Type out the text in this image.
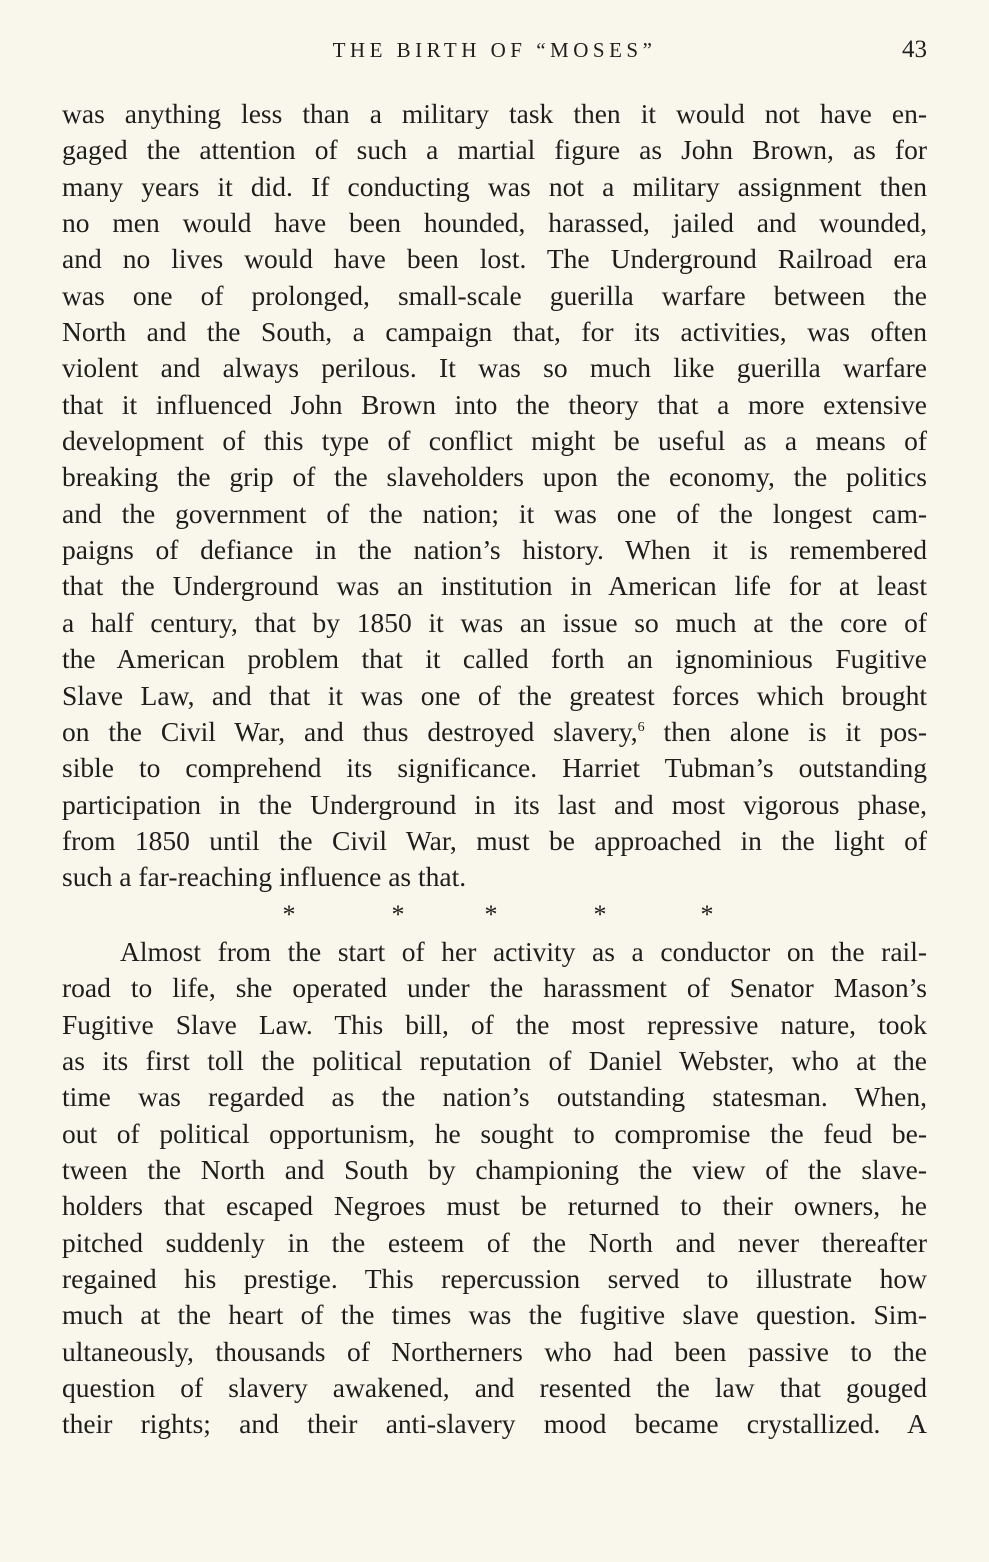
THE BIRTH OF “MOSES”	43
was anything less than a military task then it would not have en-
gaged the attention of such a martial figure as John Brown, as for
many years it did. If conducting was not a military assignment then
no men would have been hounded, harassed, jailed and wounded,
and no lives would have been lost. The Underground Railroad era
was one of prolonged, small-scale guerilla warfare between the
North and the South, a campaign that, for its activities, was often
violent and always perilous. It was so much like guerilla warfare
that it influenced John Brown into the theory that a more extensive
development of this type of conflict might be useful as a means of
breaking the grip of the slaveholders upon the economy, the politics
and the government of the nation; it was one of the longest cam-
paigns of defiance in the nation’s history. When it is remembered
that the Underground was an institution in American life for at least
a half century, that by 1850 it was an issue so much at the core of
the American problem that it called forth an ignominious Fugitive
Slave Law, and that it was one of the greatest forces which brought
on the Civil War, and thus destroyed slavery,$^6$ then alone is it pos-
sible to comprehend its significance. Harriet Tubman’s outstanding
participation in the Underground in its last and most vigorous phase,
from 1850 until the Civil War, must be approached in the light of
such a far-reaching influence as that.
*	*	*	*	*
Almost from the start of her activity as a conductor on the rail-
road to life, she operated under the harassment of Senator Mason’s
Fugitive Slave Law. This bill, of the most repressive nature, took
as its first toll the political reputation of Daniel Webster, who at the
time was regarded as the nation’s outstanding statesman. When,
out of political opportunism, he sought to compromise the feud be-
tween the North and South by championing the view of the slave-
holders that escaped Negroes must be returned to their owners, he
pitched suddenly in the esteem of the North and never thereafter
regained his prestige. This repercussion served to illustrate how
much at the heart of the times was the fugitive slave question. Sim-
ultaneously, thousands of Northerners who had been passive to the
question of slavery awakened, and resented the law that gouged
their rights; and their anti-slavery mood became crystallized. A
